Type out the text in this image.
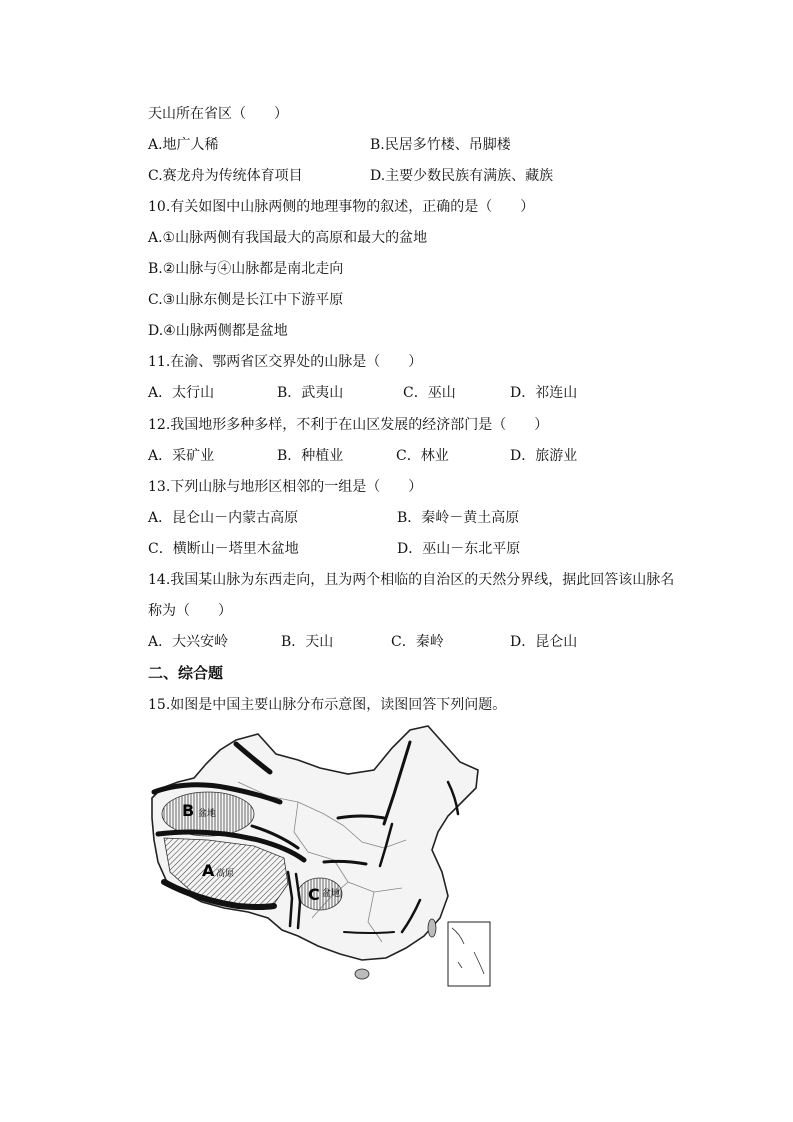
天山所在省区（　　）
A.地广人稀	B.民居多竹楼、吊脚楼
C.赛龙舟为传统体育项目	D.主要少数民族有满族、藏族
10.有关如图中山脉两侧的地理事物的叙述，正确的是（　　）
A.①山脉两侧有我国最大的高原和最大的盆地
B.②山脉与④山脉都是南北走向
C.③山脉东侧是长江中下游平原
D.④山脉两侧都是盆地
11.在渝、鄂两省区交界处的山脉是（　　）
A．太行山	B．武夷山	C．巫山	D．祁连山
12.我国地形多种多样，不利于在山区发展的经济部门是（　　）
A．采矿业	B．种植业	C．林业	D．旅游业
13.下列山脉与地形区相邻的一组是（　　）
A．昆仑山－内蒙古高原	B．秦岭－黄土高原
C．横断山－塔里木盆地	D．巫山－东北平原
14.我国某山脉为东西走向，且为两个相临的自治区的天然分界线，据此回答该山脉名
称为（　　）
A．大兴安岭	B．天山	C．秦岭	D．昆仑山
二、综合题
15.如图是中国主要山脉分布示意图，读图回答下列问题。
B 盆地
A 高原
C 盆地
